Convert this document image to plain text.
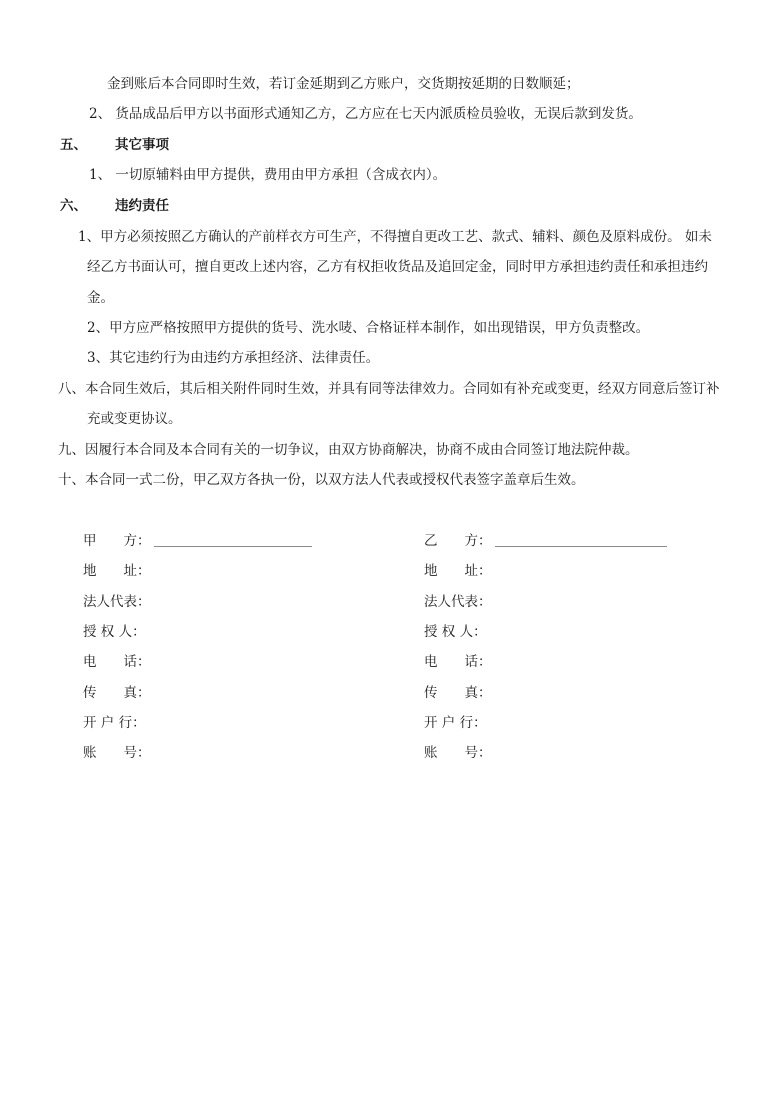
金到账后本合同即时生效，若订金延期到乙方账户，交货期按延期的日数顺延；
2、 货品成品后甲方以书面形式通知乙方，乙方应在七天内派质检员验收，无误后款到发货。
五、 其它事项
1、 一切原辅料由甲方提供，费用由甲方承担（含成衣内）。
六、 违约责任
1、甲方必须按照乙方确认的产前样衣方可生产，不得擅自更改工艺、款式、辅料、颜色及原料成份。 如未
经乙方书面认可，擅自更改上述内容，乙方有权拒收货品及追回定金，同时甲方承担违约责任和承担违约
金。
2、甲方应严格按照甲方提供的货号、洗水唛、合格证样本制作，如出现错误，甲方负责整改。
3、其它违约行为由违约方承担经济、法律责任。
八、本合同生效后，其后相关附件同时生效，并具有同等法律效力。合同如有补充或变更，经双方同意后签订补
充或变更协议。
九、因履行本合同及本合同有关的一切争议，由双方协商解决，协商不成由合同签订地法院仲裁。
十、本合同一式二份，甲乙双方各执一份，以双方法人代表或授权代表签字盖章后生效。
甲　　方：
地　　址：
法人代表：
授 权 人：
电　　话：
传　　真：
开 户 行：
账　　号：
乙　　方：
地　　址：
法人代表：
授 权 人：
电　　话：
传　　真：
开 户 行：
账　　号：
